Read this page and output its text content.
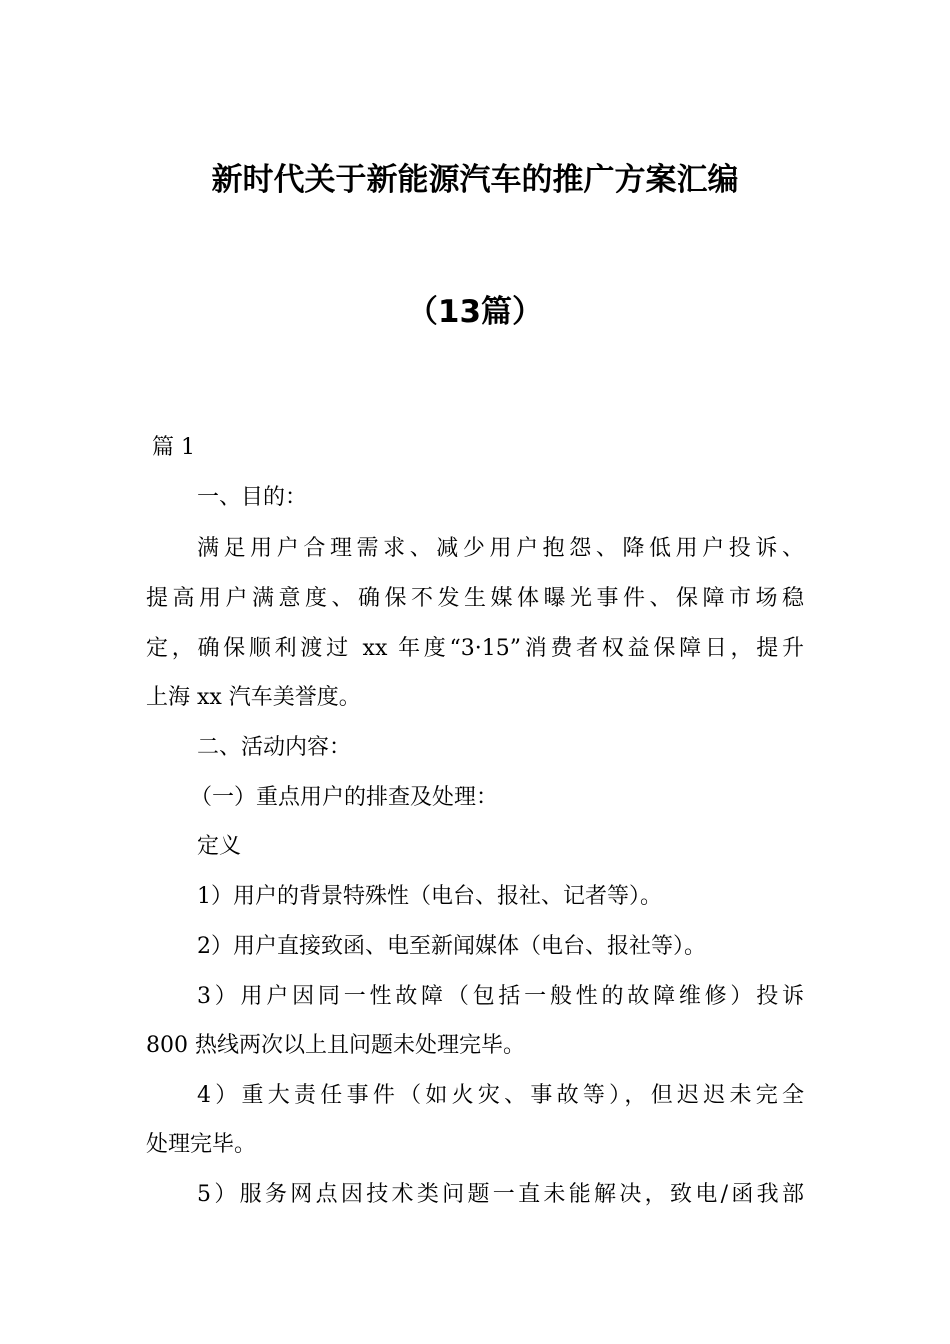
新时代关于新能源汽车的推广方案汇编
（13篇）
篇 1
一、目的：
满足用户合理需求、减少用户抱怨、降低用户投诉、
提高用户满意度、确保不发生媒体曝光事件、保障市场稳
定，确保顺利渡过 xx 年度“3·15”消费者权益保障日，提升
上海 xx 汽车美誉度。
二、活动内容：
（一）重点用户的排查及处理：
定义
1）用户的背景特殊性（电台、报社、记者等）。
2）用户直接致函、电至新闻媒体（电台、报社等）。
3）用户因同一性故障（包括一般性的故障维修）投诉
800 热线两次以上且问题未处理完毕。
4）重大责任事件（如火灾、事故等），但迟迟未完全
处理完毕。
5）服务网点因技术类问题一直未能解决，致电/函我部
